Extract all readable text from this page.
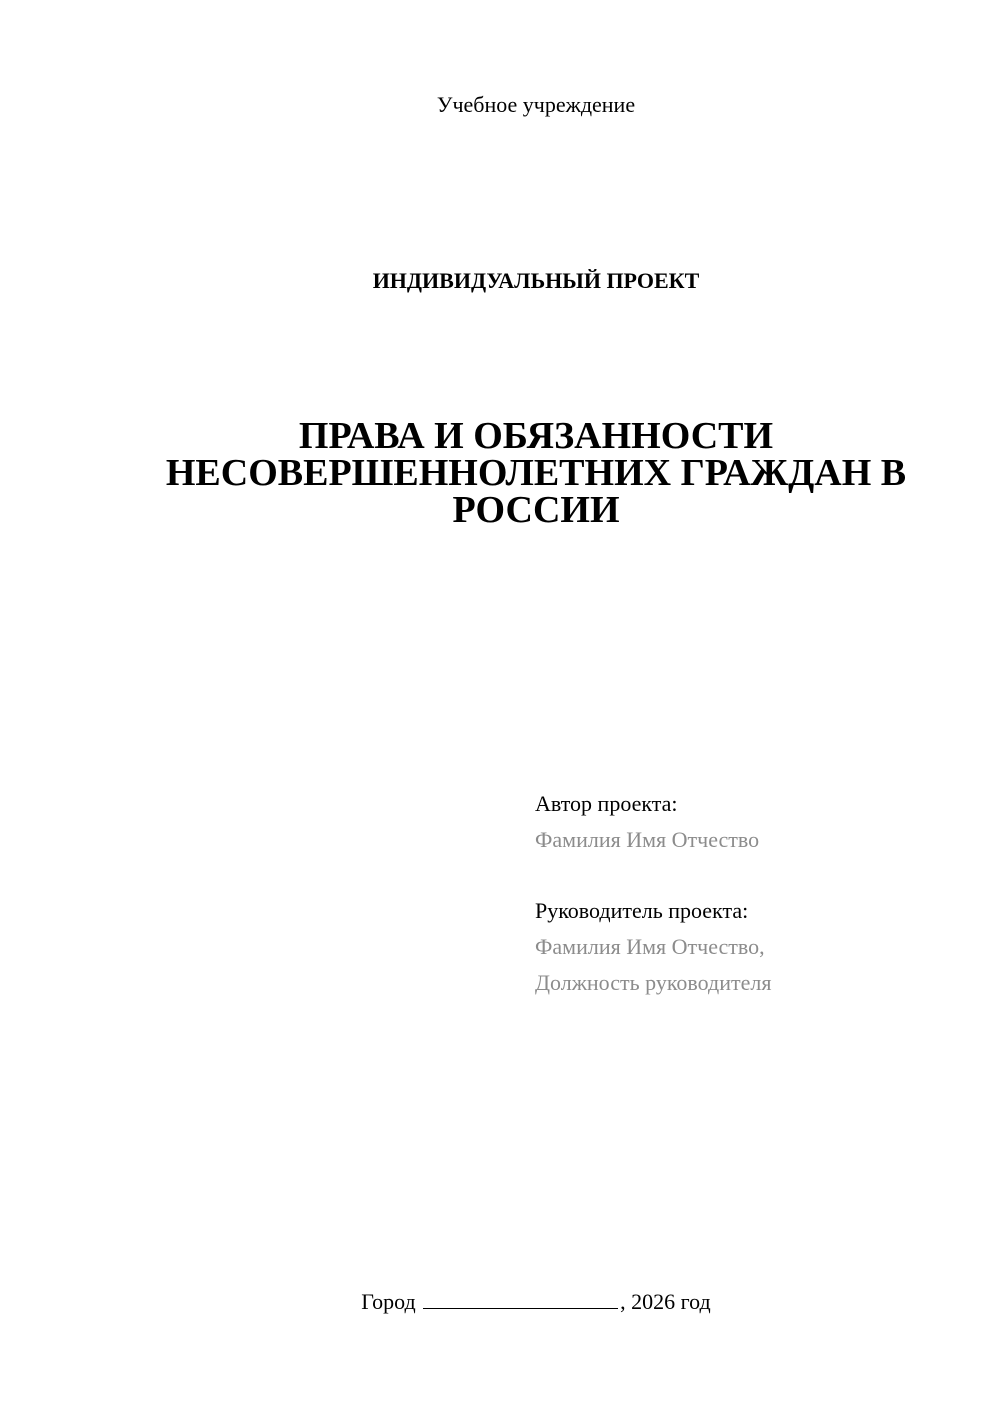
Учебное учреждение
ИНДИВИДУАЛЬНЫЙ ПРОЕКТ
ПРАВА И ОБЯЗАННОСТИ
НЕСОВЕРШЕННОЛЕТНИХ ГРАЖДАН В
РОССИИ
Автор проекта:
Фамилия Имя Отчество
Руководитель проекта:
Фамилия Имя Отчество,
Должность руководителя
Город	, 2026 год
